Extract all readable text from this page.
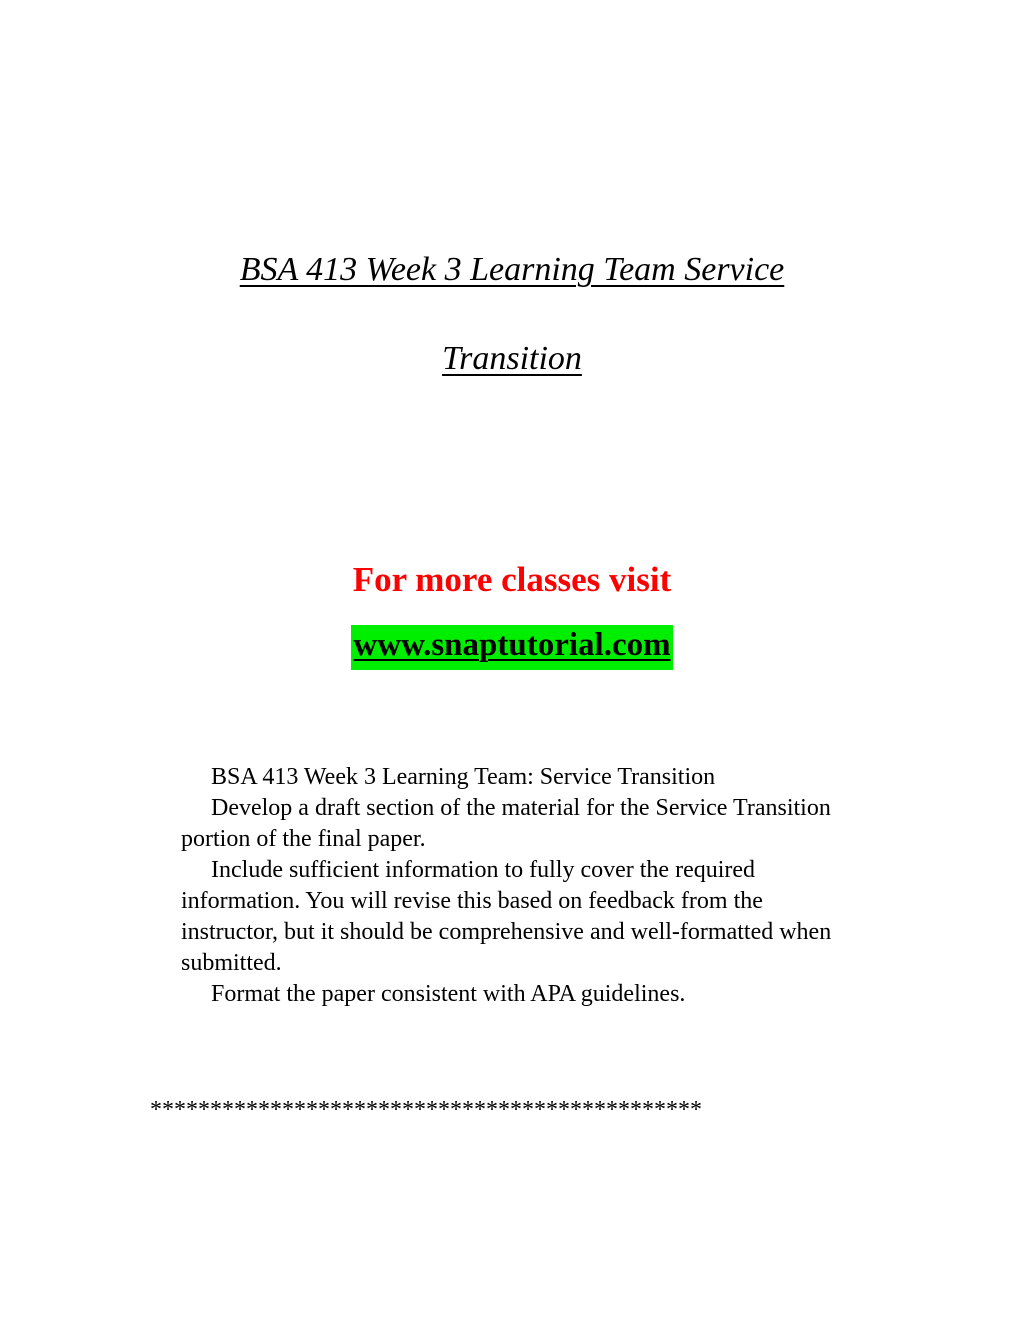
BSA 413 Week 3 Learning Team Service
Transition
For more classes visit
www.snaptutorial.com

BSA 413 Week 3 Learning Team: Service Transition

Develop a draft section of the material for the Service Transition portion of the final paper.

Include sufficient information to fully cover the required information. You will revise this based on feedback from the instructor, but it should be comprehensive and well-formatted when submitted.

Format the paper consistent with APA guidelines.

**********************************************
